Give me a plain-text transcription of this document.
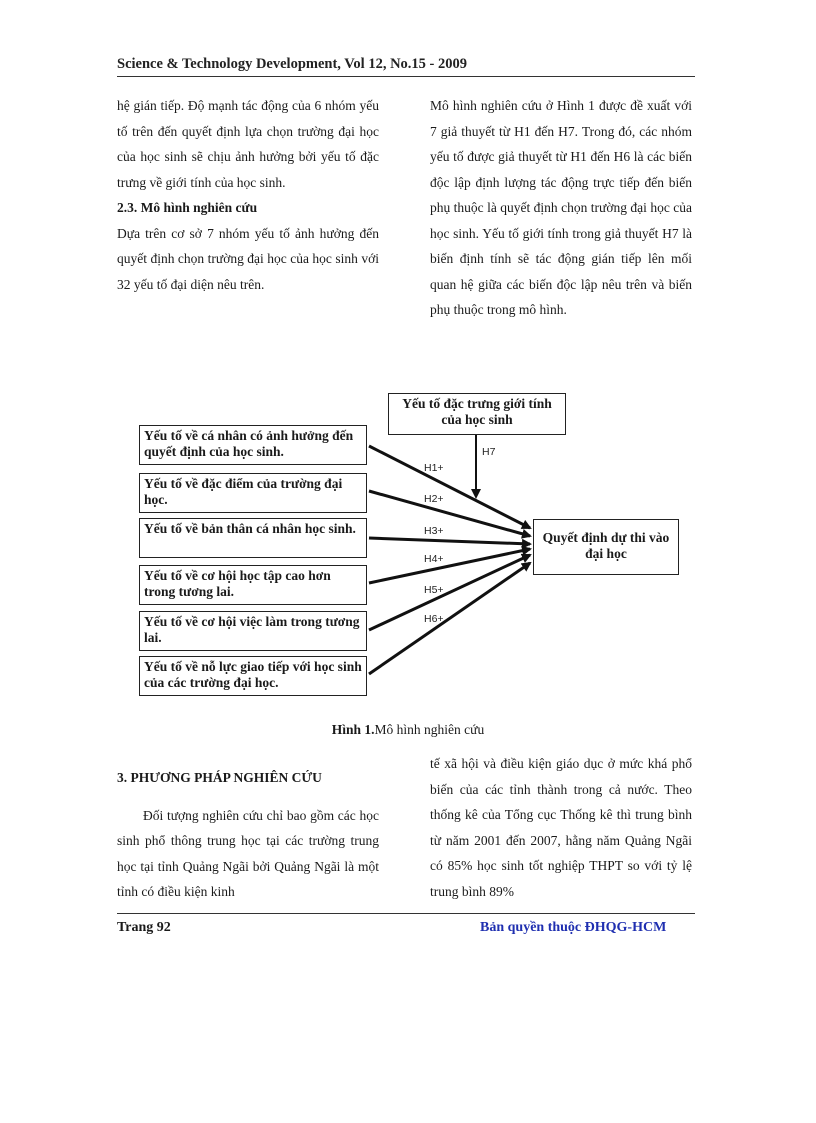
Science & Technology Development, Vol 12, No.15 - 2009

hệ gián tiếp. Độ mạnh tác động của 6 nhóm yếu tố trên đến quyết định lựa chọn trường đại học của học sinh sẽ chịu ảnh hưởng bởi yếu tố đặc trưng về giới tính của học sinh.

2.3. Mô hình nghiên cứu

Dựa trên cơ sở 7 nhóm yếu tố ảnh hưởng đến quyết định chọn trường đại học của học sinh với 32 yếu tố đại diện nêu trên.

Mô hình nghiên cứu ở Hình 1 được đề xuất với 7 giả thuyết từ H1 đến H7. Trong đó, các nhóm yếu tố được giả thuyết từ H1 đến H6 là các biến độc lập định lượng tác động trực tiếp đến biến phụ thuộc là quyết định chọn trường đại học của học sinh. Yếu tố giới tính trong giả thuyết H7 là biến định tính sẽ tác động gián tiếp lên mối quan hệ giữa các biến độc lập nêu trên và biến phụ thuộc trong mô hình.

Yếu tố đặc trưng giới tính của học sinh
Yếu tố về cá nhân có ảnh hưởng đến quyết định của học sinh.
Yếu tố về đặc điểm của trường đại học.
Yếu tố về bản thân cá nhân học sinh.
Yếu tố về cơ hội học tập cao hơn trong tương lai.
Yếu tố về cơ hội việc làm trong tương lai.
Yếu tố về nỗ lực giao tiếp với học sinh của các trường đại học.
Quyết định dự thi vào đại học
H1+
H2+
H3+
H4+
H5+
H6+
H7
Hình 1.Mô hình nghiên cứu

3. PHƯƠNG PHÁP NGHIÊN CỨU

Đối tượng nghiên cứu chỉ bao gồm các học sinh phổ thông trung học tại các trường trung học tại tỉnh Quảng Ngãi bởi Quảng Ngãi là một tỉnh có điều kiện kinh

tế xã hội và điều kiện giáo dục ở mức khá phổ biến của các tỉnh thành trong cả nước. Theo thống kê của Tổng cục Thống kê thì trung bình từ năm 2001 đến 2007, hằng năm Quảng Ngãi có 85% học sinh tốt nghiệp THPT so với tỷ lệ trung bình 89%

Trang 92	Bản quyền thuộc ĐHQG-HCM
